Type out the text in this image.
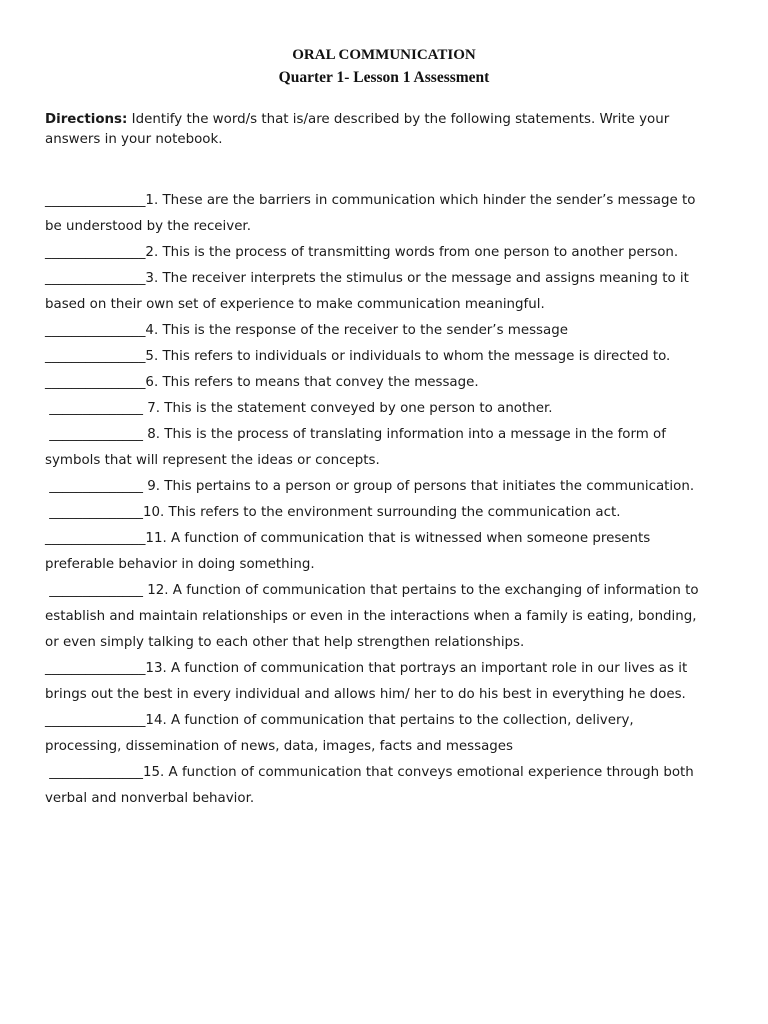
ORAL COMMUNICATION
Quarter 1- Lesson 1 Assessment
Directions: Identify the word/s that is/are described by the following statements. Write your answers in your notebook.
_______________1. These are the barriers in communication which hinder the sender’s message to
be understood by the receiver.
_______________2. This is the process of transmitting words from one person to another person.
_______________3. The receiver interprets the stimulus or the message and assigns meaning to it
based on their own set of experience to make communication meaningful.
_______________4. This is the response of the receiver to the sender’s message
_______________5. This refers to individuals or individuals to whom the message is directed to.
_______________6. This refers to means that convey the message.
______________ 7. This is the statement conveyed by one person to another.
______________ 8. This is the process of translating information into a message in the form of
symbols that will represent the ideas or concepts.
______________ 9. This pertains to a person or group of persons that initiates the communication.
______________10. This refers to the environment surrounding the communication act.
_______________11. A function of communication that is witnessed when someone presents
preferable behavior in doing something.
______________ 12. A function of communication that pertains to the exchanging of information to
establish and maintain relationships or even in the interactions when a family is eating, bonding,
or even simply talking to each other that help strengthen relationships.
_______________13. A function of communication that portrays an important role in our lives as it
brings out the best in every individual and allows him/ her to do his best in everything he does.
_______________14. A function of communication that pertains to the collection, delivery,
processing, dissemination of news, data, images, facts and messages
______________15. A function of communication that conveys emotional experience through both
verbal and nonverbal behavior.
